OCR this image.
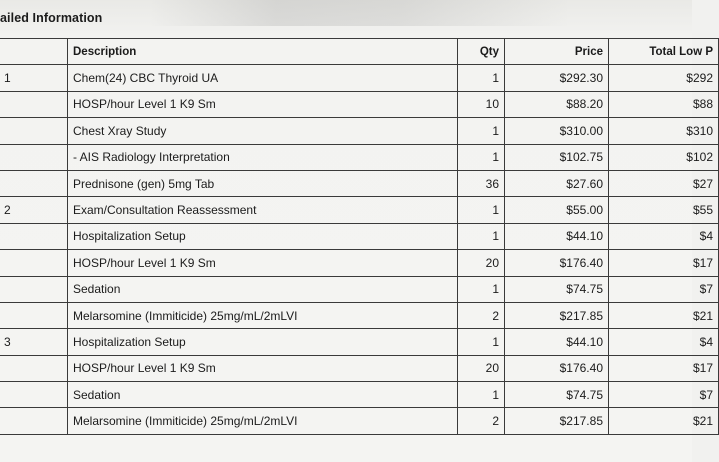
ailed Information
	Description	Qty	Price	Total Low P
1	Chem(24) CBC Thyroid UA	1	$292.30	$292
	HOSP/hour Level 1 K9 Sm	10	$88.20	$88
	Chest Xray Study	1	$310.00	$310
	- AIS Radiology Interpretation	1	$102.75	$102
	Prednisone (gen) 5mg Tab	36	$27.60	$27
2	Exam/Consultation Reassessment	1	$55.00	$55
	Hospitalization Setup	1	$44.10	$4
	HOSP/hour Level 1 K9 Sm	20	$176.40	$17
	Sedation	1	$74.75	$7
	Melarsomine (Immiticide) 25mg/mL/2mLVI	2	$217.85	$21
3	Hospitalization Setup	1	$44.10	$4
	HOSP/hour Level 1 K9 Sm	20	$176.40	$17
	Sedation	1	$74.75	$7
	Melarsomine (Immiticide) 25mg/mL/2mLVI	2	$217.85	$21
